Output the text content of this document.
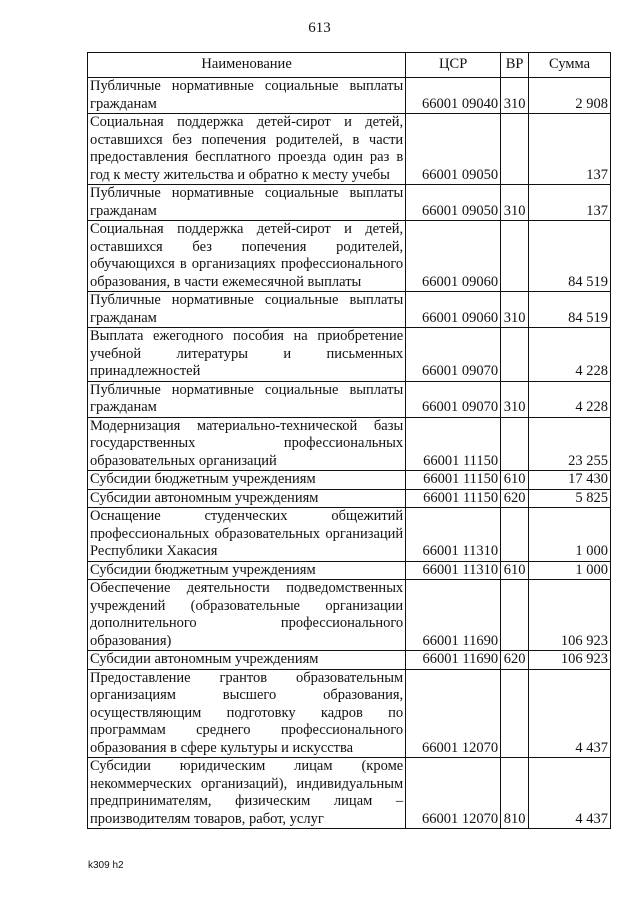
613
Наименование	ЦСР	ВР	Сумма
Публичные нормативные социальные выплаты гражданам	66001 09040	310	2 908
Социальная поддержка детей-сирот и детей, оставшихся без попечения родителей, в части предоставления бесплатного проезда один раз в год к месту жительства и обратно к месту учебы	66001 09050		137
Публичные нормативные социальные выплаты гражданам	66001 09050	310	137
Социальная поддержка детей-сирот и детей, оставшихся без попечения родителей, обучающихся в организациях профессионального образования, в части ежемесячной выплаты	66001 09060		84 519
Публичные нормативные социальные выплаты гражданам	66001 09060	310	84 519
Выплата ежегодного пособия на приобретение учебной литературы и письменных принадлежностей	66001 09070		4 228
Публичные нормативные социальные выплаты гражданам	66001 09070	310	4 228
Модернизация материально-технической базы государственных профессиональных образовательных организаций	66001 11150		23 255
Субсидии бюджетным учреждениям	66001 11150	610	17 430
Субсидии автономным учреждениям	66001 11150	620	5 825
Оснащение студенческих общежитий профессиональных образовательных организаций Республики Хакасия	66001 11310		1 000
Субсидии бюджетным учреждениям	66001 11310	610	1 000
Обеспечение деятельности подведомственных учреждений (образовательные организации дополнительного профессионального образования)	66001 11690		106 923
Субсидии автономным учреждениям	66001 11690	620	106 923
Предоставление грантов образовательным организациям высшего образования, осуществляющим подготовку кадров по программам среднего профессионального образования в сфере культуры и искусства	66001 12070		4 437
Субсидии юридическим лицам (кроме некоммерческих организаций), индивидуальным предпринимателям, физическим лицам – производителям товаров, работ, услуг	66001 12070	810	4 437
k309 h2
